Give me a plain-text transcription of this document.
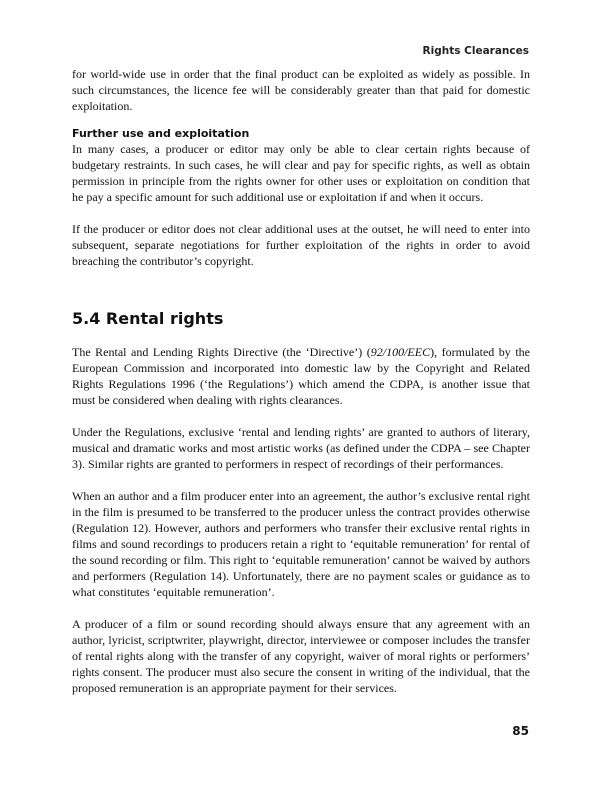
Rights Clearances

for world-wide use in order that the final product can be exploited as widely as possible. In such circumstances, the licence fee will be considerably greater than that paid for domestic exploitation.

Further use and exploitation

In many cases, a producer or editor may only be able to clear certain rights because of budgetary restraints. In such cases, he will clear and pay for specific rights, as well as obtain permission in principle from the rights owner for other uses or exploitation on condition that he pay a specific amount for such additional use or exploitation if and when it occurs.

If the producer or editor does not clear additional uses at the outset, he will need to enter into subsequent, separate negotiations for further exploitation of the rights in order to avoid breaching the contributor’s copyright.

5.4 Rental rights

The Rental and Lending Rights Directive (the ‘Directive’) (92/100/EEC), formulated by the European Commission and incorporated into domestic law by the Copyright and Related Rights Regulations 1996 (‘the Regulations’) which amend the CDPA, is another issue that must be considered when dealing with rights clearances.

Under the Regulations, exclusive ‘rental and lending rights’ are granted to authors of literary, musical and dramatic works and most artistic works (as defined under the CDPA – see Chapter 3). Similar rights are granted to performers in respect of recordings of their performances.

When an author and a film producer enter into an agreement, the author’s exclusive rental right in the film is presumed to be transferred to the producer unless the contract provides otherwise (Regulation 12). However, authors and performers who transfer their exclusive rental rights in films and sound recordings to producers retain a right to ‘equitable remuneration’ for rental of the sound recording or film. This right to ‘equitable remuneration’ cannot be waived by authors and performers (Regulation 14). Unfortunately, there are no payment scales or guidance as to what constitutes ‘equitable remuneration’.

A producer of a film or sound recording should always ensure that any agreement with an author, lyricist, scriptwriter, playwright, director, interviewee or composer includes the transfer of rental rights along with the transfer of any copyright, waiver of moral rights or performers’ rights consent. The producer must also secure the consent in writing of the individual, that the proposed remuneration is an appropriate payment for their services.

85
